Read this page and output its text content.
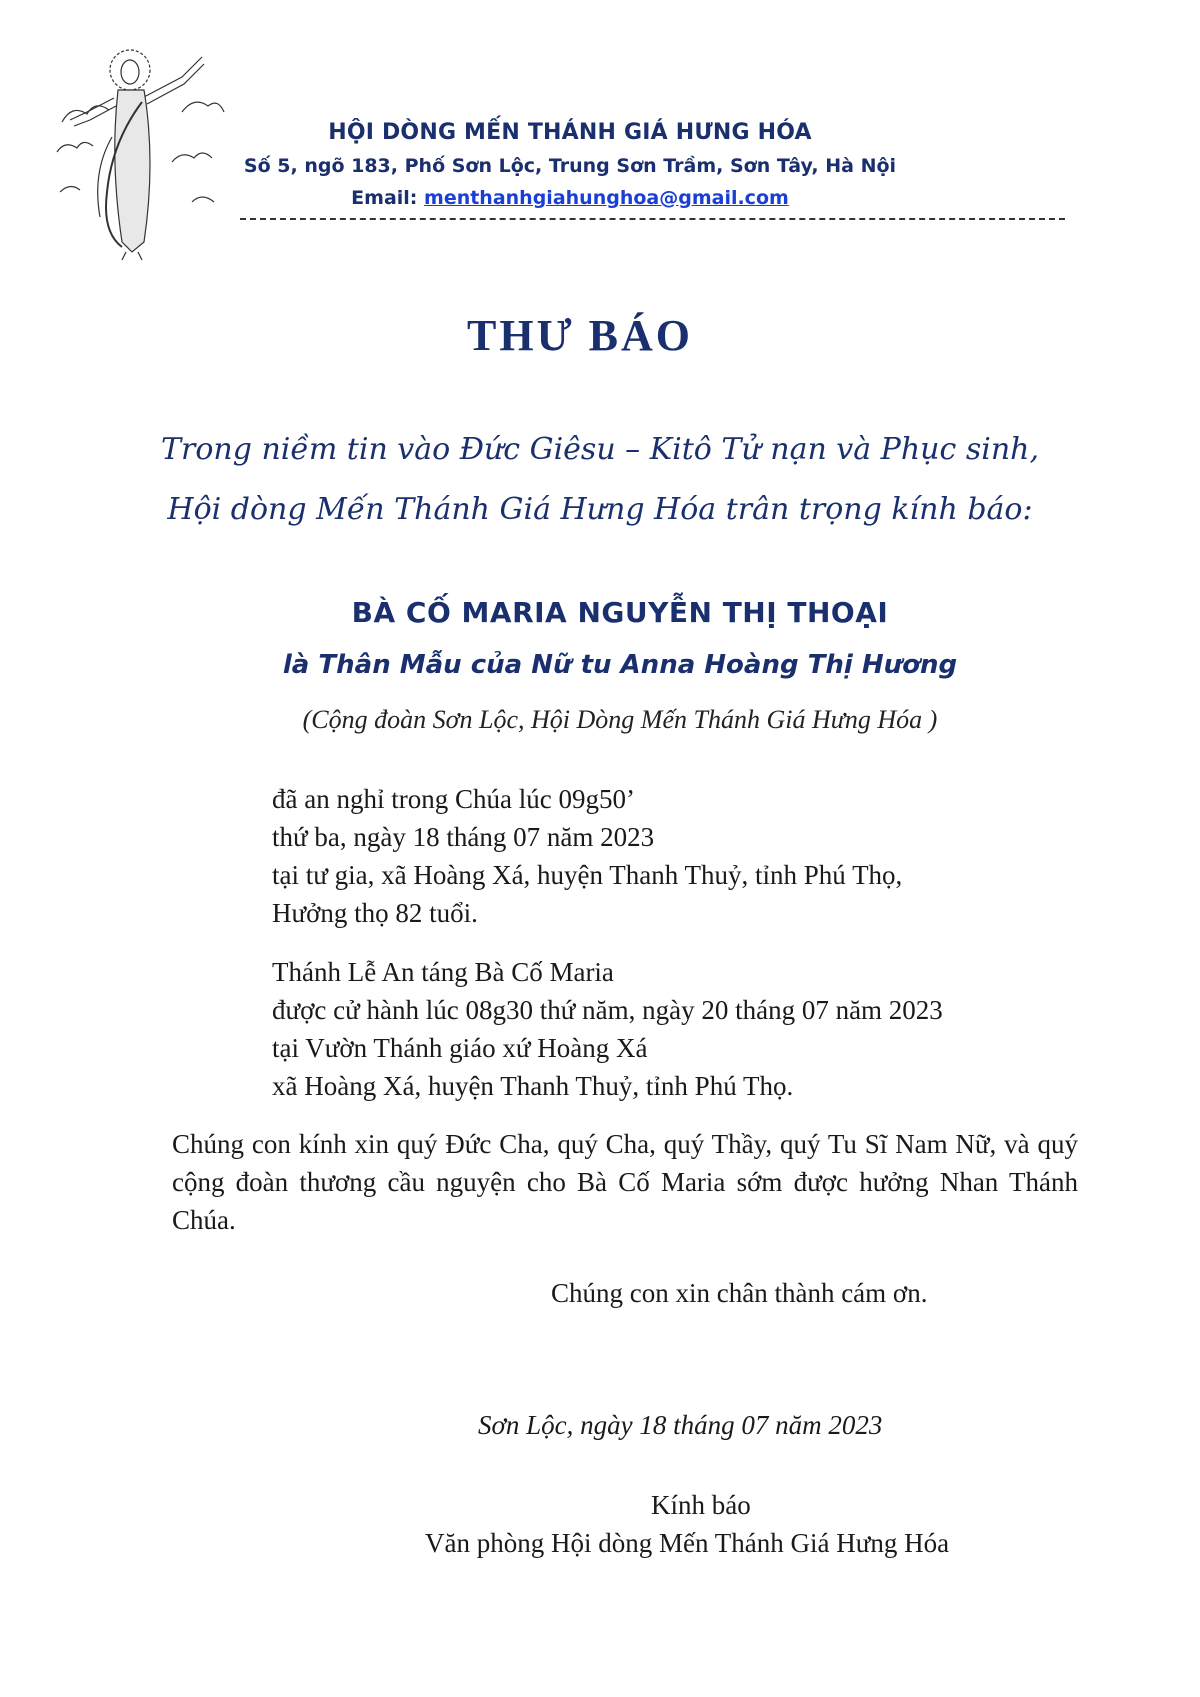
HỘI DÒNG MẾN THÁNH GIÁ HƯNG HÓA
Số 5, ngõ 183, Phố Sơn Lộc, Trung Sơn Trầm, Sơn Tây, Hà Nội
Email: menthanhgiahunghoa@gmail.com
THƯ BÁO
Trong niềm tin vào Đức Giêsu – Kitô Tử nạn và Phục sinh,
Hội dòng Mến Thánh Giá Hưng Hóa trân trọng kính báo:
BÀ CỐ MARIA NGUYỄN THỊ THOẠI
là Thân Mẫu của Nữ tu Anna Hoàng Thị Hương
(Cộng đoàn Sơn Lộc, Hội Dòng Mến Thánh Giá Hưng Hóa )
đã an nghỉ trong Chúa lúc 09g50’
thứ ba, ngày 18 tháng 07 năm 2023
tại tư gia, xã Hoàng Xá, huyện Thanh Thuỷ, tỉnh Phú Thọ,
Hưởng thọ 82 tuổi.
Thánh Lễ An táng Bà Cố Maria
được cử hành lúc 08g30 thứ năm, ngày 20 tháng 07 năm 2023
tại Vườn Thánh giáo xứ Hoàng Xá
xã Hoàng Xá, huyện Thanh Thuỷ, tỉnh Phú Thọ.
Chúng con kính xin quý Đức Cha, quý Cha, quý Thầy, quý Tu Sĩ Nam Nữ, và quý cộng đoàn thương cầu nguyện cho Bà Cố Maria sớm được hưởng Nhan Thánh Chúa.
Chúng con xin chân thành cám ơn.
Sơn Lộc, ngày 18 tháng 07 năm 2023
Kính báo
Văn phòng Hội dòng Mến Thánh Giá Hưng Hóa
